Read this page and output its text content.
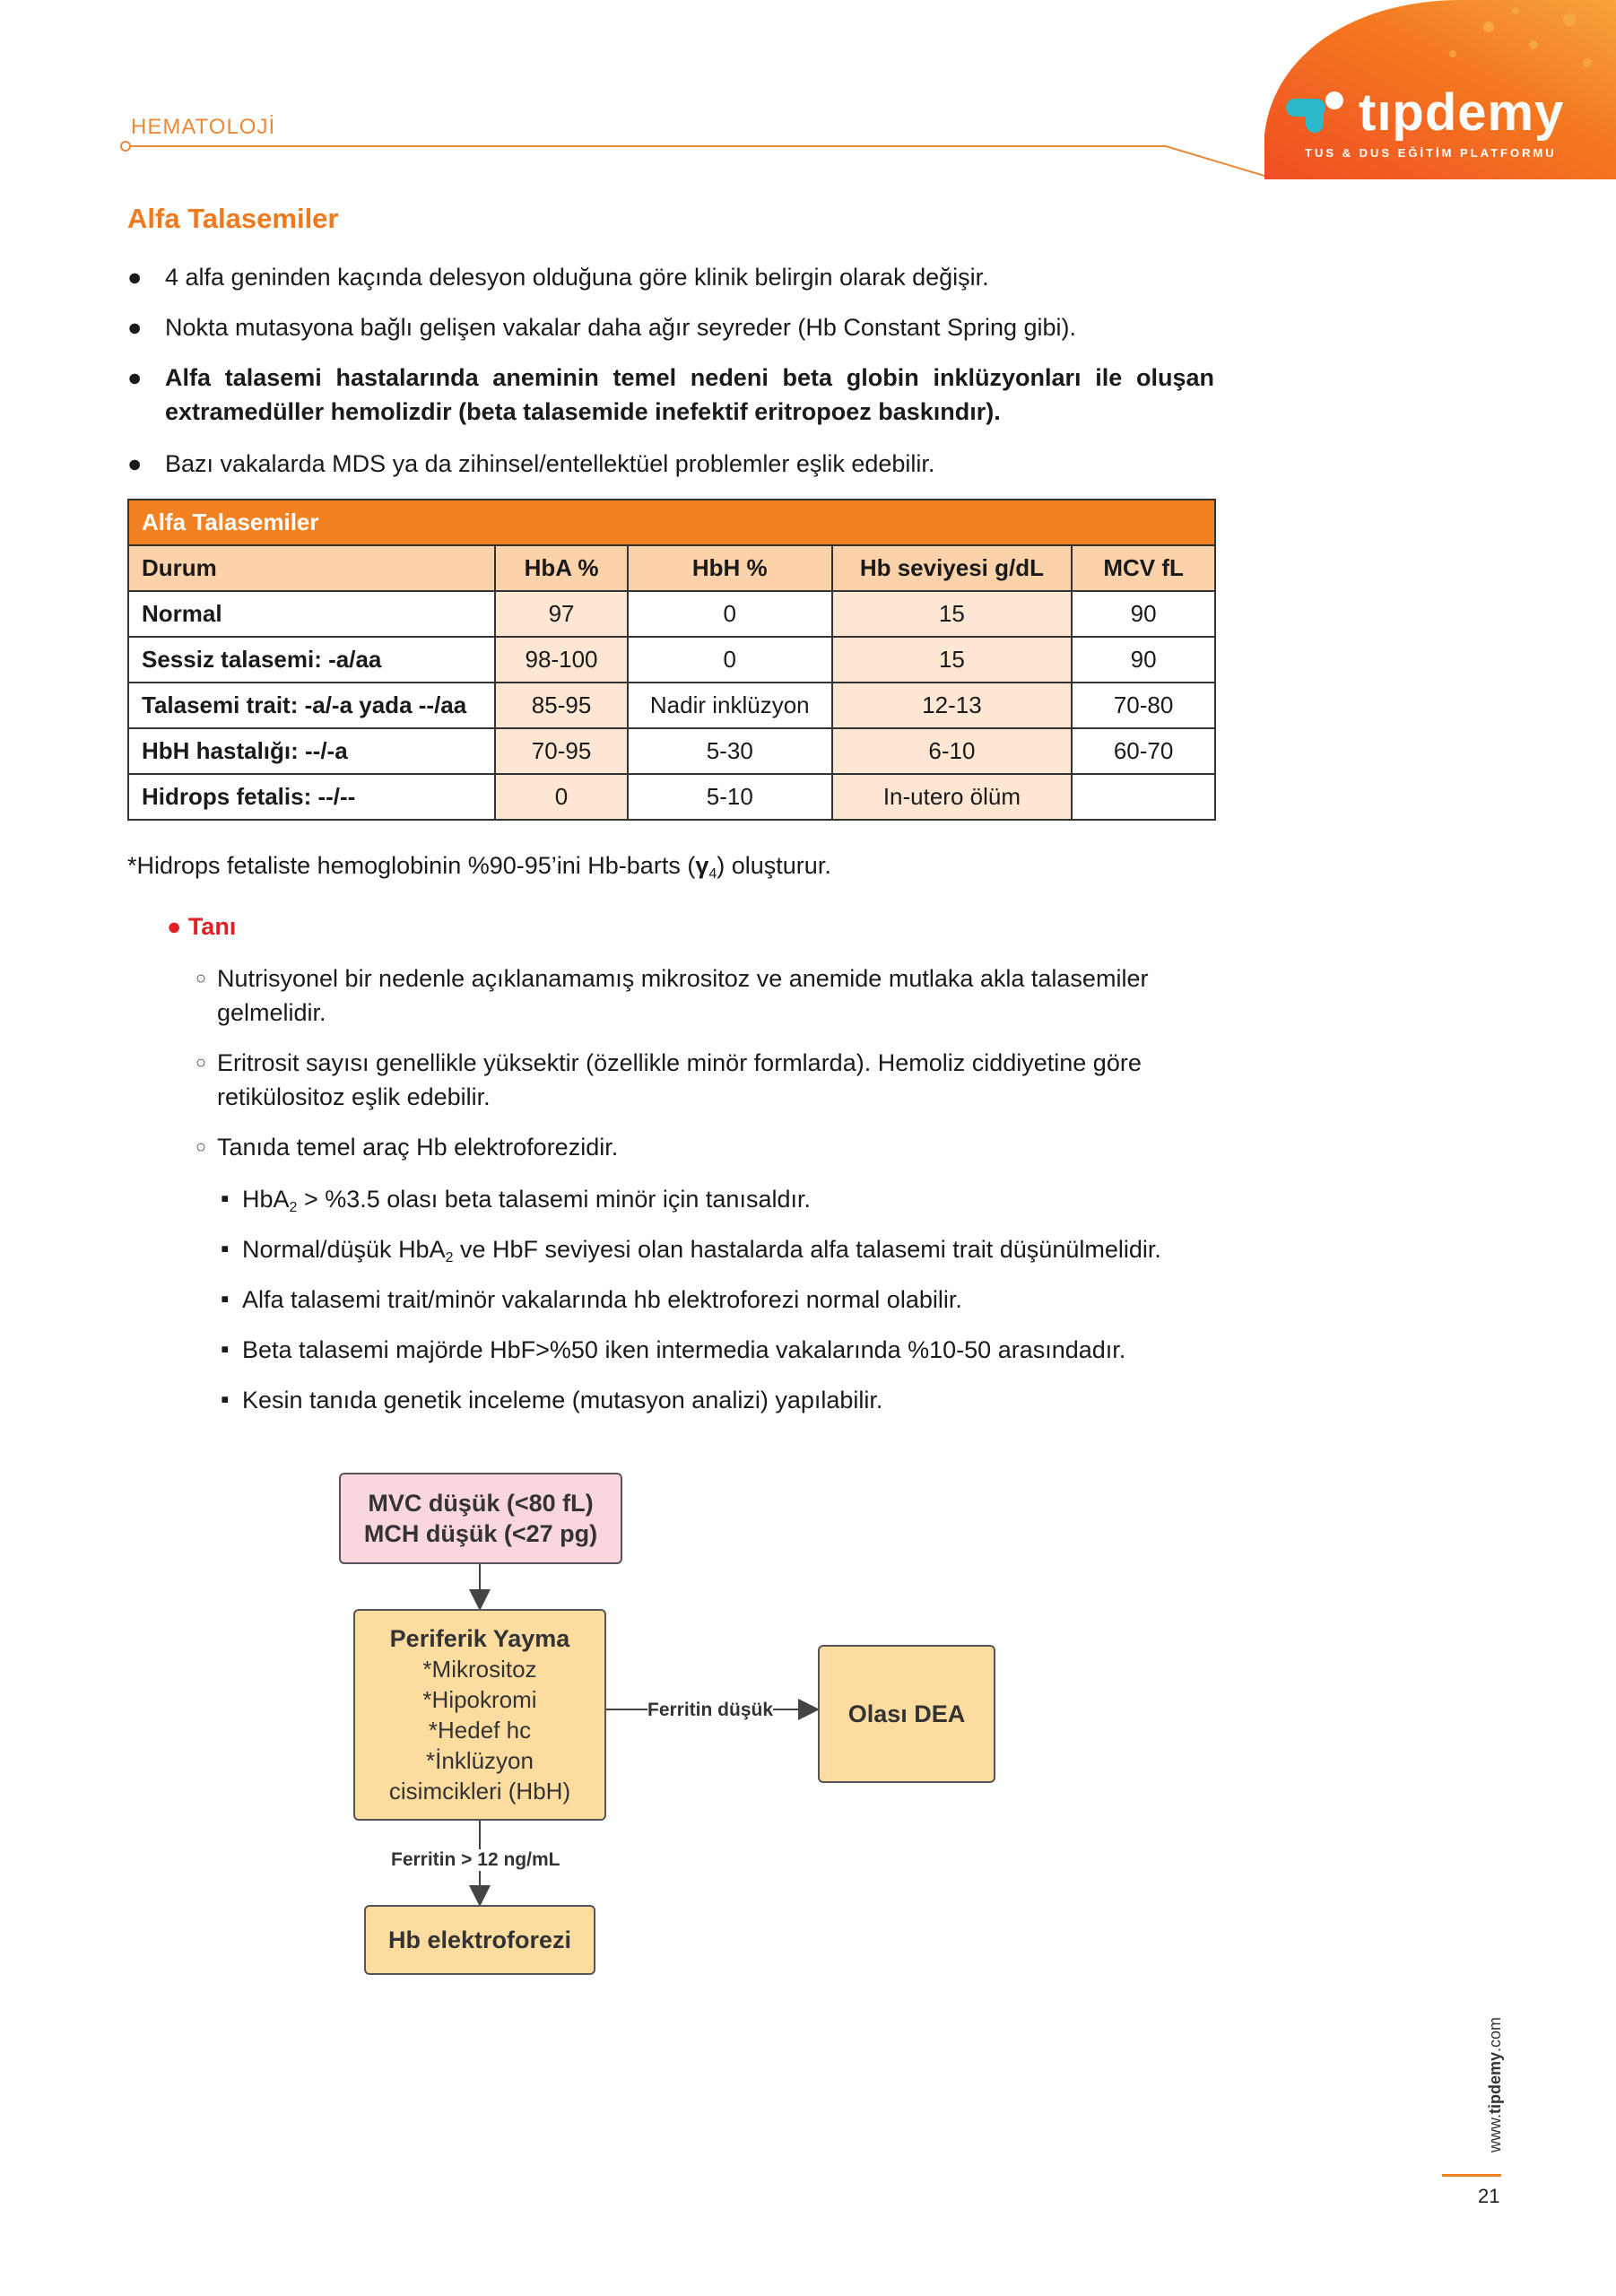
tıpdemy
TUS & DUS EĞİTİM PLATFORMU
HEMATOLOJİ
Alfa Talasemiler
● 4 alfa geninden kaçında delesyon olduğuna göre klinik belirgin olarak değişir.
● Nokta mutasyona bağlı gelişen vakalar daha ağır seyreder (Hb Constant Spring gibi).
● Alfa talasemi hastalarında aneminin temel nedeni beta globin inklüzyonları ile oluşan extramedüller hemolizdir (beta talasemide inefektif eritropoez baskındır).
● Bazı vakalarda MDS ya da zihinsel/entellektüel problemler eşlik edebilir.
Alfa Talasemiler				
Durum	HbA %	HbH %	Hb seviyesi g/dL	MCV fL
Normal	97	0	15	90
Sessiz talasemi: -a/aa	98-100	0	15	90
Talasemi trait: -a/-a yada --/aa	85-95	Nadir inklüzyon	12-13	70-80
HbH hastalığı: --/-a	70-95	5-30	6-10	60-70
Hidrops fetalis: --/--	0	5-10	In-utero ölüm	
*Hidrops fetaliste hemoglobinin %90-95’ini Hb-barts $(\gamma_4)$ oluşturur.
● Tanı
○ Nutrisyonel bir nedenle açıklanamamış mikrositoz ve anemide mutlaka akla talasemiler gelmelidir.
○ Eritrosit sayısı genellikle yüksektir (özellikle minör formlarda). Hemoliz ciddiyetine göre retikülositoz eşlik edebilir.
○ Tanıda temel araç Hb elektroforezidir.
▪ HbA$_2$ > %3.5 olası beta talasemi minör için tanısaldır.
▪ Normal/düşük HbA$_2$ ve HbF seviyesi olan hastalarda alfa talasemi trait düşünülmelidir.
▪ Alfa talasemi trait/minör vakalarında hb elektroforezi normal olabilir.
▪ Beta talasemi majörde HbF>%50 iken intermedia vakalarında %10-50 arasındadır.
▪ Kesin tanıda genetik inceleme (mutasyon analizi) yapılabilir.
MVC düşük (<80 fL)
MCH düşük (<27 pg)
Periferik Yayma
*Mikrositoz
*Hipokromi
*Hedef hc
*İnklüzyon
cisimcikleri (HbH)
Olası DEA
Hb elektroforezi
Ferritin düşük
Ferritin > 12 ng/mL
www.tipdemy.com
21
